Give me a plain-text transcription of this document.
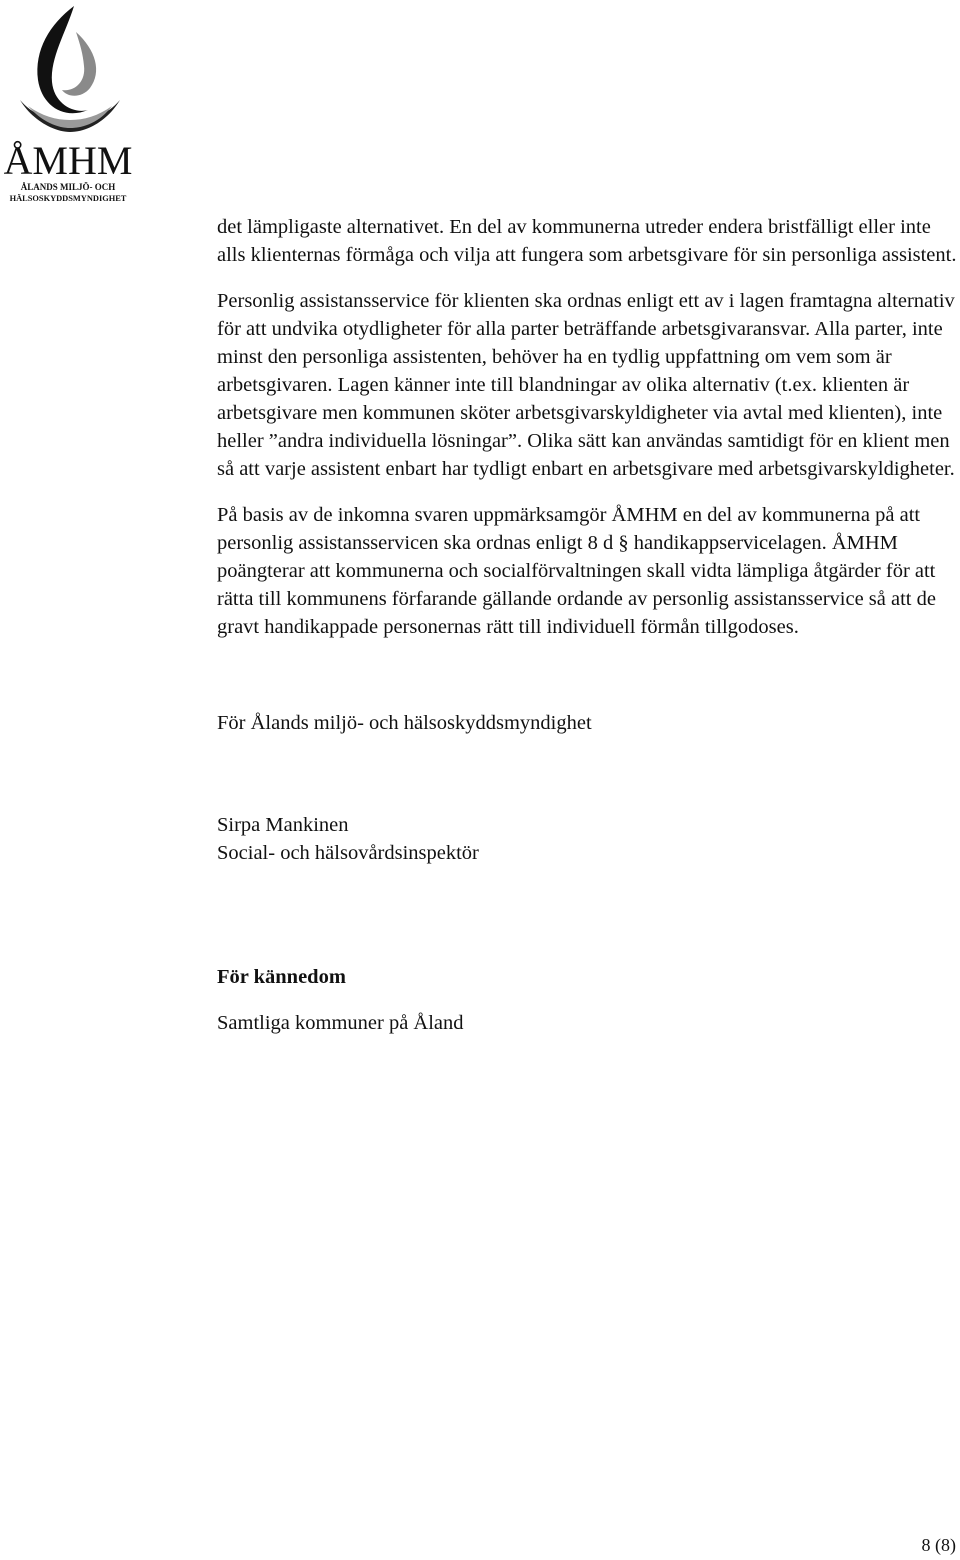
ÅMHM
ÅLANDS MILJÖ- OCH
HÄLSOSKYDDSMYNDIGHET

det lämpligaste alternativet. En del av kommunerna utreder endera bristfälligt eller inte alls klienternas förmåga och vilja att fungera som arbetsgivare för sin personliga assistent.

Personlig assistansservice för klienten ska ordnas enligt ett av i lagen framtagna alternativ för att undvika otydligheter för alla parter beträffande arbetsgivaransvar. Alla parter, inte minst den personliga assistenten, behöver ha en tydlig uppfattning om vem som är arbetsgivaren. Lagen känner inte till blandningar av olika alternativ (t.ex. klienten är arbetsgivare men kommunen sköter arbetsgivarskyldigheter via avtal med klienten), inte heller ”andra individuella lösningar”. Olika sätt kan användas samtidigt för en klient men så att varje assistent enbart har tydligt enbart en arbetsgivare med arbetsgivarskyldigheter.

På basis av de inkomna svaren uppmärksamgör ÅMHM en del av kommunerna på att personlig assistansservicen ska ordnas enligt 8 d § handikappservicelagen. ÅMHM poängterar att kommunerna och socialförvaltningen skall vidta lämpliga åtgärder för att rätta till kommunens förfarande gällande ordande av personlig assistansservice så att de gravt handikappade personernas rätt till individuell förmån tillgodoses.

För Ålands miljö- och hälsoskyddsmyndighet

Sirpa Mankinen
Social- och hälsovårdsinspektör
För kännedom
Samtliga kommuner på Åland
8 (8)
